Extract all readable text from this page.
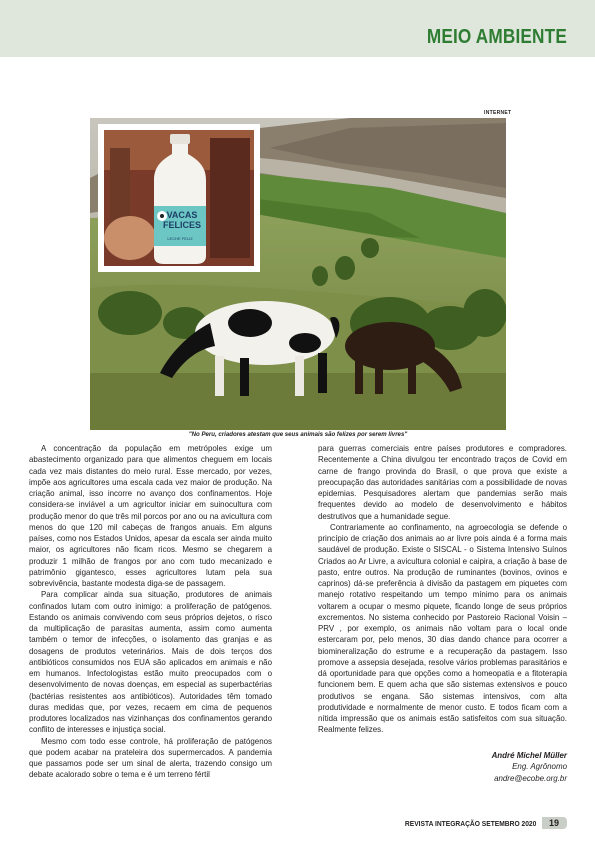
MEIO AMBIENTE
INTERNET
VACAS
FELICES
LECHE FELIZ
"No Peru, criadores atestam que seus animais são felizes por serem livres"

A concentração da população em metrópoles exige um abastecimento organizado para que alimentos cheguem em locais cada vez mais distantes do meio rural. Esse mercado, por vezes, impõe aos agricultores uma escala cada vez maior de produção. Na criação animal, isso incorre no avanço dos confinamentos. Hoje considera-se inviável a um agricultor iniciar em suinocultura com produção menor do que três mil porcos por ano ou na avicultura com menos do que 120 mil cabeças de frangos anuais. Em alguns países, como nos Estados Unidos, apesar da escala ser ainda muito maior, os agricultores não ficam ricos. Mesmo se chegarem a produzir 1 milhão de frangos por ano com tudo mecanizado e patrimônio gigantesco, esses agricultores lutam pela sua sobrevivência, bastante modesta diga-se de passagem.

Para complicar ainda sua situação, produtores de animais confinados lutam com outro inimigo: a proliferação de patógenos. Estando os animais convivendo com seus próprios dejetos, o risco da multiplicação de parasitas aumenta, assim como aumenta também o temor de infecções, o isolamento das granjas e as dosagens de produtos veterinários. Mais de dois terços dos antibióticos consumidos nos EUA são aplicados em animais e não em humanos. Infectologistas estão muito preocupados com o desenvolvimento de novas doenças, em especial as superbactérias (bactérias resistentes aos antibióticos). Autoridades têm tomado duras medidas que, por vezes, recaem em cima de pequenos produtores localizados nas vizinhanças dos confinamentos gerando conflito de interesses e injustiça social.

Mesmo com todo esse controle, há proliferação de patógenos que podem acabar na prateleira dos supermercados. A pandemia que passamos pode ser um sinal de alerta, trazendo consigo um debate acalorado sobre o tema e é um terreno fértil

para guerras comerciais entre países produtores e compradores. Recentemente a China divulgou ter encontrado traços de Covid em carne de frango provinda do Brasil, o que prova que existe a preocupação das autoridades sanitárias com a possibilidade de novas epidemias. Pesquisadores alertam que pandemias serão mais frequentes devido ao modelo de desenvolvimento e hábitos destrutivos que a humanidade segue.

Contrariamente ao confinamento, na agroecologia se defende o princípio de criação dos animais ao ar livre pois ainda é a forma mais saudável de produção. Existe o SISCAL - o Sistema Intensivo Suínos Criados ao Ar Livre, a avicultura colonial e caipira, a criação à base de pasto, entre outros. Na produção de ruminantes (bovinos, ovinos e caprinos) dá-se preferência à divisão da pastagem em piquetes com manejo rotativo respeitando um tempo mínimo para os animais voltarem a ocupar o mesmo piquete, ficando longe de seus próprios excrementos. No sistema conhecido por Pastoreio Racional Voisin – PRV , por exemplo, os animais não voltam para o local onde estercaram por, pelo menos, 30 dias dando chance para ocorrer a biomineralização do estrume e a recuperação da pastagem. Isso promove a assepsia desejada, resolve vários problemas parasitários e dá oportunidade para que opções como a homeopatia e a fitoterapia funcionem bem. E quem acha que são sistemas extensivos e pouco produtivos se engana. São sistemas intensivos, com alta produtividade e normalmente de menor custo. E todos ficam com a nítida impressão que os animais estão satisfeitos com sua situação. Realmente felizes.

André Michel Müller
Eng. Agrônomo
andre@ecobe.org.br
REVISTA INTEGRAÇÃO SETEMBRO 2020	19
